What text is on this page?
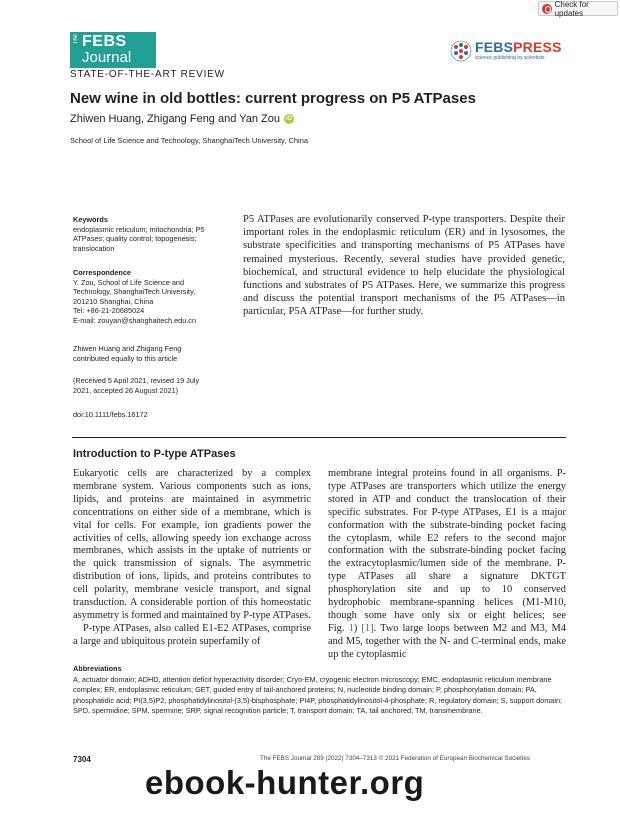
Check for updates
The FEBS
Journal
FEBSPRESS
science publishing by scientists
STATE-OF-THE-ART REVIEW
New wine in old bottles: current progress on P5 ATPases
Zhiwen Huang, Zhigang Feng and Yan Zou	iD
School of Life Science and Technology, ShanghaiTech University, China
Keywords
endoplasmic reticulum; mitochondria; P5
ATPases; quality control; topogenesis;
translocation
Correspondence
Y. Zou, School of Life Science and
Technology, ShanghaiTech University,
201210 Shanghai, China
Tel: +86-21-20685024
E-mail: zouyan@shanghaitech.edu.cn
Zhiwen Huang and Zhigang Feng
contributed equally to this article
(Received 5 April 2021, revised 19 July
2021, accepted 26 August 2021)
doi:10.1111/febs.16172
P5 ATPases are evolutionarily conserved P-type transporters. Despite their important roles in the endoplasmic reticulum (ER) and in lysosomes, the substrate specificities and transporting mechanisms of P5 ATPases have remained mysterious. Recently, several studies have provided genetic, biochemical, and structural evidence to help elucidate the physiological functions and substrates of P5 ATPases. Here, we summarize this progress and discuss the potential transport mechanisms of the P5 ATPases—in particular, P5A ATPase—for further study.
Introduction to P-type ATPases

Eukaryotic cells are characterized by a complex membrane system. Various components such as ions, lipids, and proteins are maintained in asymmetric concentrations on either side of a membrane, which is vital for cells. For example, ion gradients power the activities of cells, allowing speedy ion exchange across membranes, which assists in the uptake of nutrients or the quick transmission of signals. The asymmetric distribution of ions, lipids, and proteins contributes to cell polarity, membrane vesicle transport, and signal transduction. A considerable portion of this homeostatic asymmetry is formed and maintained by P-type ATPases.

P-type ATPases, also called E1-E2 ATPases, comprise a large and ubiquitous protein superfamily of

membrane integral proteins found in all organisms. P-type ATPases are transporters which utilize the energy stored in ATP and conduct the translocation of their specific substrates. For P-type ATPases, E1 is a major conformation with the substrate-binding pocket facing the cytoplasm, while E2 refers to the second major conformation with the substrate-binding pocket facing the extracytoplasmic/lumen side of the membrane. P-type ATPases all share a signature DKTGT phosphorylation site and up to 10 conserved hydrophobic membrane-spanning helices (M1-M10, though some have only six or eight helices; see Fig. 1) [1]. Two large loops between M2 and M3, M4 and M5, together with the N- and C-terminal ends, make up the cytoplasmic

Abbreviations
A, actuator domain; ADHD, attention deficit hyperactivity disorder; Cryo-EM, cryogenic electron microscopy; EMC, endoplasmic reticulum membrane complex; ER, endoplasmic reticulum; GET, guided entry of tail-anchored proteins; N, nucleotide binding domain; P, phosphorylation domain; PA, phosphatidic acid; PI(3,5)P2, phosphatidylinositol-(3,5)-bisphosphate; PI4P, phosphatidylinositol-4-phosphate; R, regulatory domain; S, support domain; SPD, spermidine; SPM, spermine; SRP, signal recognition particle; T, transport domain; TA, tail anchored; TM, transmembrane.
7304	The FEBS Journal 289 (2022) 7304–7313 © 2021 Federation of European Biochemical Societies
ebook-hunter.org
